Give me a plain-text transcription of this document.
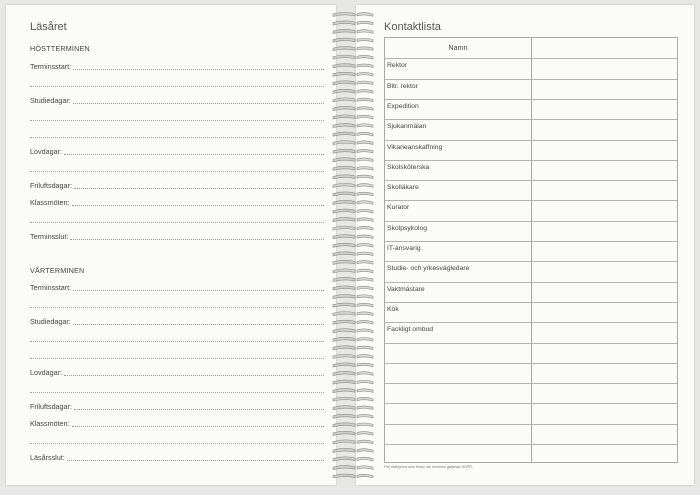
Läsåret
HÖSTTERMINEN
Terminsstart:
Studiedagar:
Lovdagar:
Friluftsdagar:
Klassmöten:
Terminsslut:
VÅRTERMINEN
Terminsstart:
Studiedagar:
Lovdagar:
Friluftsdagar:
Klassmöten:
Läsårsslut:
Kontaktlista
Namn
Rektor
Bitr. rektor
Expedition
Sjukanmälan
Vikarieanskaffning
Skolsköterska
Skolläkare
Kurator
Skolpsykolog
IT-ansvarig
Studie- och yrkesvägledare
Vaktmästare
Kök
Fackligt ombud
Följ riktlinjerna som finns i din kommun gällande GDPR.
